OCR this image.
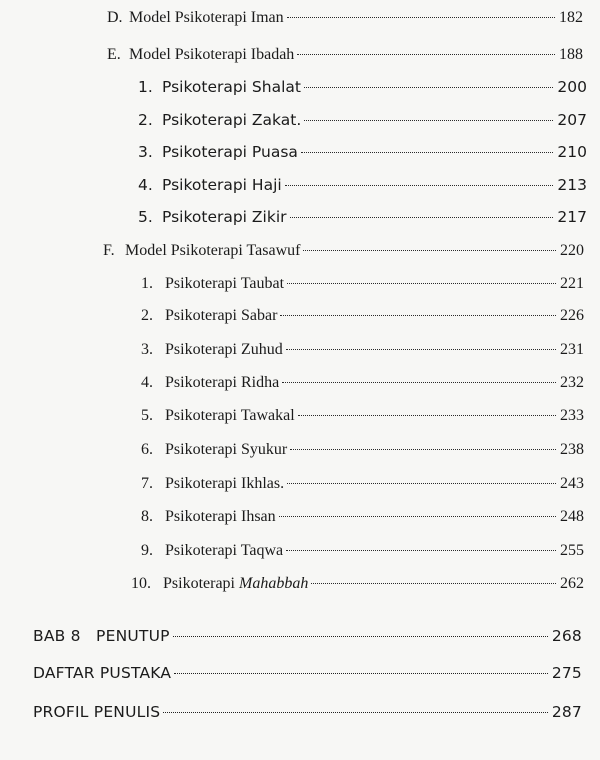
D. Model Psikoterapi Iman	182
E. Model Psikoterapi Ibadah	188
1. Psikoterapi Shalat	200
2. Psikoterapi Zakat.	207
3. Psikoterapi Puasa	210
4. Psikoterapi Haji	213
5. Psikoterapi Zikir	217
F. Model Psikoterapi Tasawuf	220
1. Psikoterapi Taubat	221
2. Psikoterapi Sabar	226
3. Psikoterapi Zuhud	231
4. Psikoterapi Ridha	232
5. Psikoterapi Tawakal	233
6. Psikoterapi Syukur	238
7. Psikoterapi Ikhlas.	243
8. Psikoterapi Ihsan	248
9. Psikoterapi Taqwa	255
10. Psikoterapi Mahabbah	262
BAB 8   PENUTUP	268
DAFTAR PUSTAKA	275
PROFIL PENULIS	287
